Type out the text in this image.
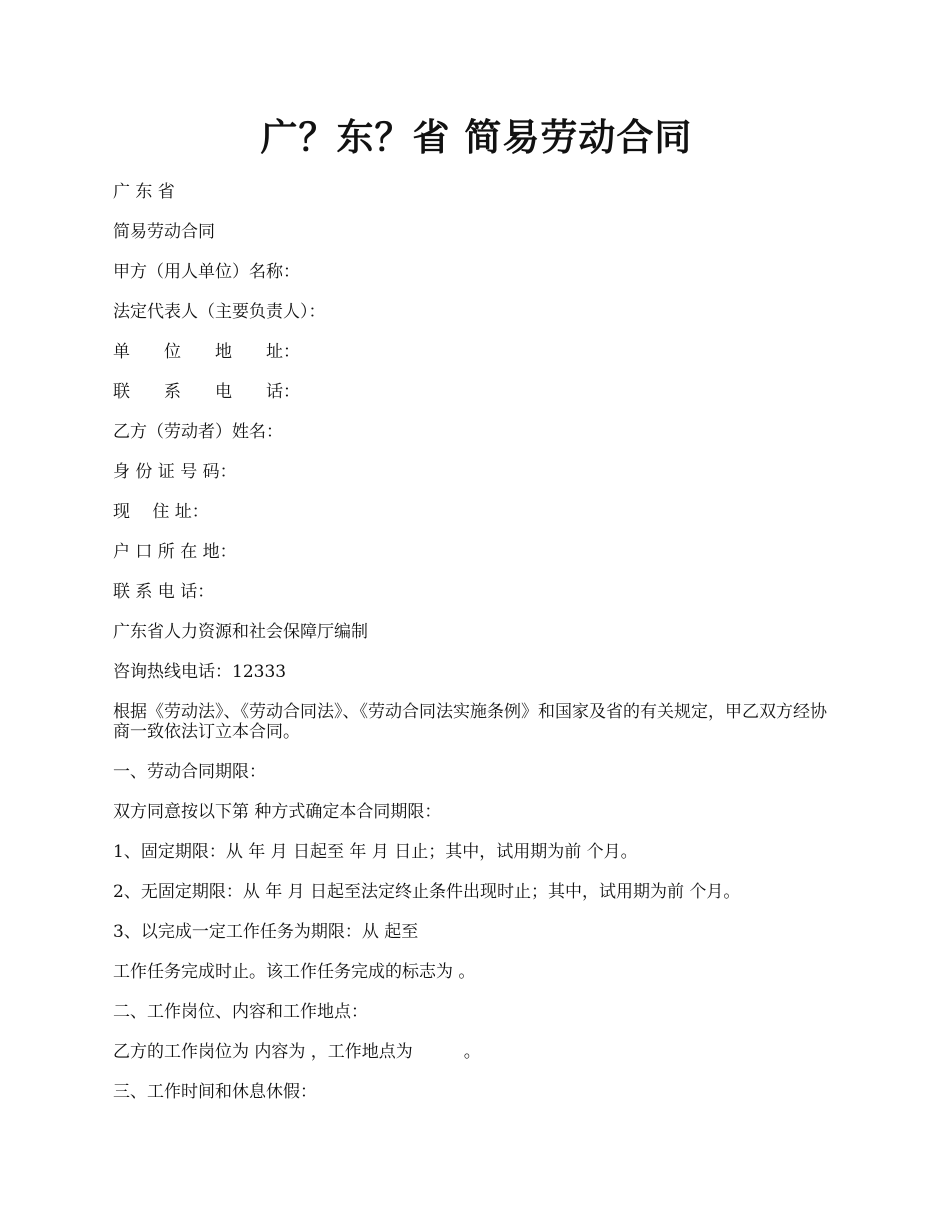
广？东？省 简易劳动合同

广 东 省

简易劳动合同

甲方（用人单位）名称：

法定代表人（主要负责人）：

单　　位　　地　　址：

联　　系　　电　　话：

乙方（劳动者）姓名：

身 份 证 号 码：

现　 住 址：

户 口 所 在 地：

联 系 电 话：

广东省人力资源和社会保障厅编制

咨询热线电话：12333

根据《劳动法》、《劳动合同法》、《劳动合同法实施条例》和国家及省的有关规定，甲乙双方经协商一致依法订立本合同。

一、劳动合同期限：

双方同意按以下第 种方式确定本合同期限：

1、固定期限：从 年 月 日起至 年 月 日止；其中，试用期为前 个月。

2、无固定期限：从 年 月 日起至法定终止条件出现时止；其中，试用期为前 个月。

3、以完成一定工作任务为期限：从 起至

工作任务完成时止。该工作任务完成的标志为 。

二、工作岗位、内容和工作地点：

乙方的工作岗位为 内容为 ，工作地点为　　　。

三、工作时间和休息休假：
